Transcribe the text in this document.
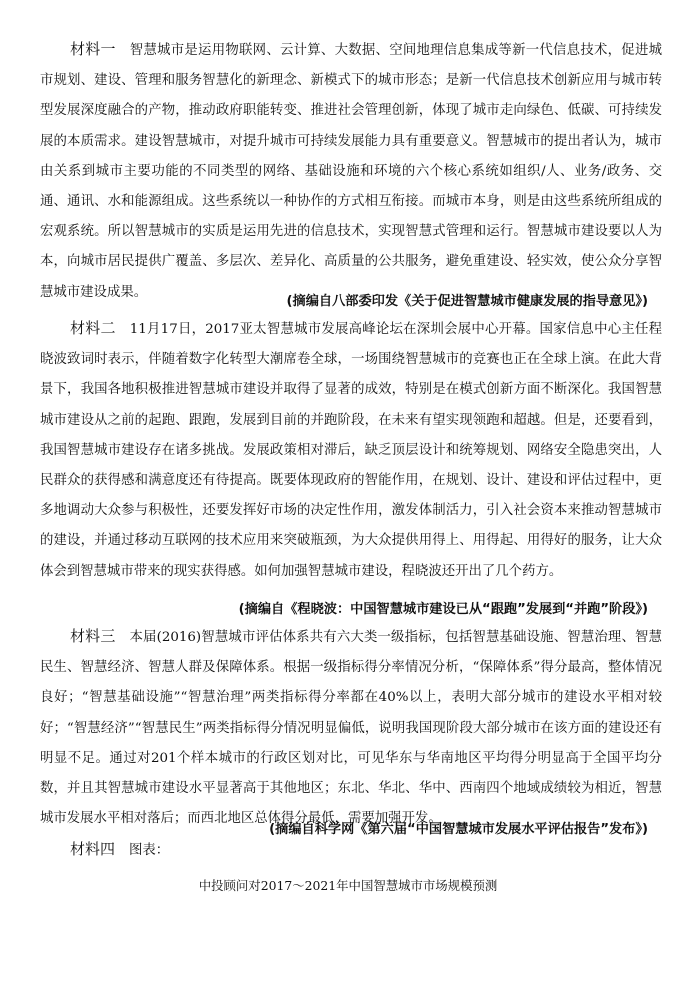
材料一 智慧城市是运用物联网、云计算、大数据、空间地理信息集成等新一代信息技术，促进城市规划、建设、管理和服务智慧化的新理念、新模式下的城市形态；是新一代信息技术创新应用与城市转型发展深度融合的产物，推动政府职能转变、推进社会管理创新，体现了城市走向绿色、低碳、可持续发展的本质需求。建设智慧城市，对提升城市可持续发展能力具有重要意义。智慧城市的提出者认为，城市由关系到城市主要功能的不同类型的网络、基础设施和环境的六个核心系统如组织/人、业务/政务、交通、通讯、水和能源组成。这些系统以一种协作的方式相互衔接。而城市本身，则是由这些系统所组成的宏观系统。所以智慧城市的实质是运用先进的信息技术，实现智慧式管理和运行。智慧城市建设要以人为本，向城市居民提供广覆盖、多层次、差异化、高质量的公共服务，避免重建设、轻实效，使公众分享智慧城市建设成果。

(摘编自八部委印发《关于促进智慧城市健康发展的指导意见》)

材料二 11月17日，2017亚太智慧城市发展高峰论坛在深圳会展中心开幕。国家信息中心主任程晓波致词时表示，伴随着数字化转型大潮席卷全球，一场围绕智慧城市的竞赛也正在全球上演。在此大背景下，我国各地积极推进智慧城市建设并取得了显著的成效，特别是在模式创新方面不断深化。我国智慧城市建设从之前的起跑、跟跑，发展到目前的并跑阶段，在未来有望实现领跑和超越。但是，还要看到，我国智慧城市建设存在诸多挑战。发展政策相对滞后，缺乏顶层设计和统筹规划、网络安全隐患突出，人民群众的获得感和满意度还有待提高。既要体现政府的智能作用，在规划、设计、建设和评估过程中，更多地调动大众参与积极性，还要发挥好市场的决定性作用，激发体制活力，引入社会资本来推动智慧城市的建设，并通过移动互联网的技术应用来突破瓶颈，为大众提供用得上、用得起、用得好的服务，让大众体会到智慧城市带来的现实获得感。如何加强智慧城市建设，程晓波还开出了几个药方。

(摘编自《程晓波：中国智慧城市建设已从“跟跑”发展到“并跑”阶段》)

材料三 本届(2016)智慧城市评估体系共有六大类一级指标，包括智慧基础设施、智慧治理、智慧民生、智慧经济、智慧人群及保障体系。根据一级指标得分率情况分析，“保障体系”得分最高，整体情况良好；“智慧基础设施”“智慧治理”两类指标得分率都在40%以上，表明大部分城市的建设水平相对较好；“智慧经济”“智慧民生”两类指标得分情况明显偏低，说明我国现阶段大部分城市在该方面的建设还有明显不足。通过对201个样本城市的行政区划对比，可见华东与华南地区平均得分明显高于全国平均分数，并且其智慧城市建设水平显著高于其他地区；东北、华北、华中、西南四个地域成绩较为相近，智慧城市发展水平相对落后；而西北地区总体得分最低，需要加强开发。

(摘编自科学网《第六届“中国智慧城市发展水平评估报告”发布》)

材料四 图表：
中投顾问对2017～2021年中国智慧城市市场规模预测
